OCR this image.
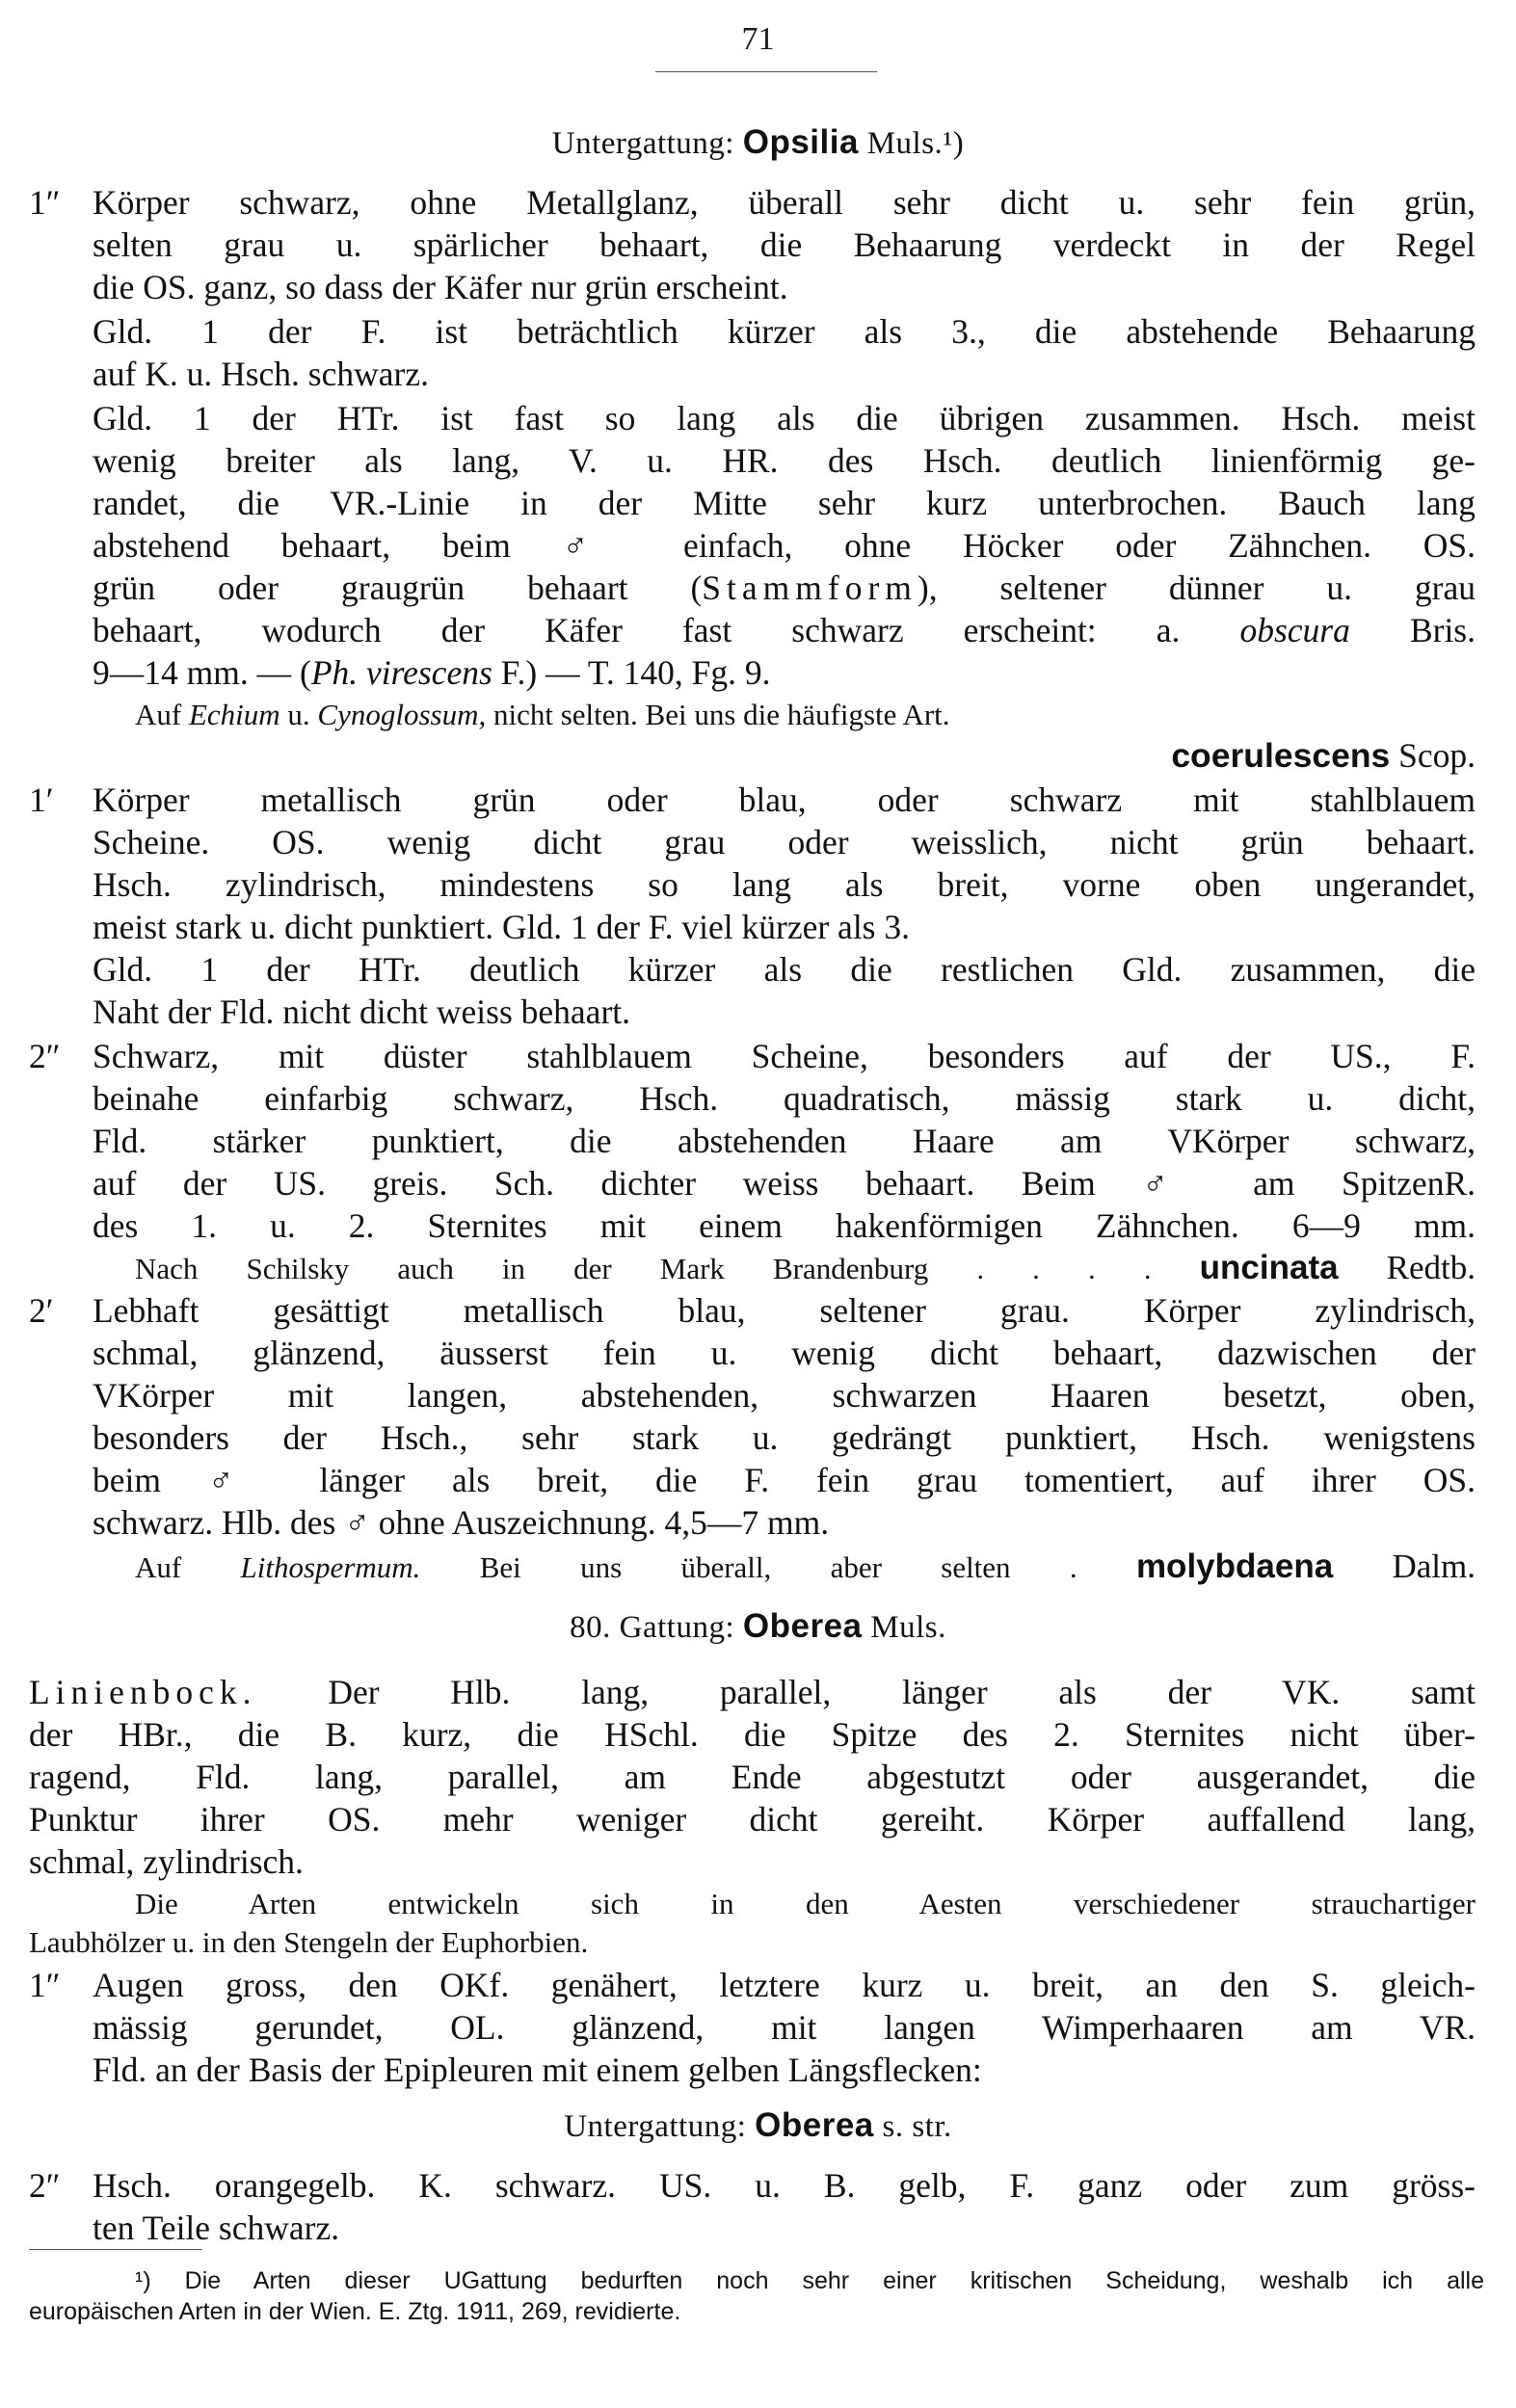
71
Untergattung: Opsilia Muls.¹)
1″ Körper schwarz, ohne Metallglanz, überall sehr dicht u. sehr fein grün,
selten grau u. spärlicher behaart, die Behaarung verdeckt in der Regel
die OS. ganz, so dass der Käfer nur grün erscheint.
Gld. 1 der F. ist beträchtlich kürzer als 3., die abstehende Behaarung
auf K. u. Hsch. schwarz.
Gld. 1 der HTr. ist fast so lang als die übrigen zusammen. Hsch. meist
wenig breiter als lang, V. u. HR. des Hsch. deutlich linienförmig ge-
randet, die VR.-Linie in der Mitte sehr kurz unterbrochen. Bauch lang
abstehend behaart, beim ♂ einfach, ohne Höcker oder Zähnchen. OS.
grün oder graugrün behaart (Stammform), seltener dünner u. grau
behaart, wodurch der Käfer fast schwarz erscheint: a. obscura Bris.
9—14 mm. — (Ph. virescens F.) — T. 140, Fg. 9.
Auf Echium u. Cynoglossum, nicht selten. Bei uns die häufigste Art.
coerulescens Scop.
1′ Körper metallisch grün oder blau, oder schwarz mit stahlblauem
Scheine. OS. wenig dicht grau oder weisslich, nicht grün behaart.
Hsch. zylindrisch, mindestens so lang als breit, vorne oben ungerandet,
meist stark u. dicht punktiert. Gld. 1 der F. viel kürzer als 3.
Gld. 1 der HTr. deutlich kürzer als die restlichen Gld. zusammen, die
Naht der Fld. nicht dicht weiss behaart.
2″ Schwarz, mit düster stahlblauem Scheine, besonders auf der US., F.
beinahe einfarbig schwarz, Hsch. quadratisch, mässig stark u. dicht,
Fld. stärker punktiert, die abstehenden Haare am VKörper schwarz,
auf der US. greis. Sch. dichter weiss behaart. Beim ♂ am SpitzenR.
des 1. u. 2. Sternites mit einem hakenförmigen Zähnchen. 6—9 mm.
Nach Schilsky auch in der Mark Brandenburg . . . . uncinata Redtb.
2′ Lebhaft gesättigt metallisch blau, seltener grau. Körper zylindrisch,
schmal, glänzend, äusserst fein u. wenig dicht behaart, dazwischen der
VKörper mit langen, abstehenden, schwarzen Haaren besetzt, oben,
besonders der Hsch., sehr stark u. gedrängt punktiert, Hsch. wenigstens
beim ♂ länger als breit, die F. fein grau tomentiert, auf ihrer OS.
schwarz. Hlb. des ♂ ohne Auszeichnung. 4,5—7 mm.
Auf Lithospermum. Bei uns überall, aber selten . molybdaena Dalm.
80. Gattung: Oberea Muls.
Linienbock. Der Hlb. lang, parallel, länger als der VK. samt
der HBr., die B. kurz, die HSchl. die Spitze des 2. Sternites nicht über-
ragend, Fld. lang, parallel, am Ende abgestutzt oder ausgerandet, die
Punktur ihrer OS. mehr weniger dicht gereiht. Körper auffallend lang,
schmal, zylindrisch.
Die Arten entwickeln sich in den Aesten verschiedener strauchartiger
Laubhölzer u. in den Stengeln der Euphorbien.
1″ Augen gross, den OKf. genähert, letztere kurz u. breit, an den S. gleich-
mässig gerundet, OL. glänzend, mit langen Wimperhaaren am VR.
Fld. an der Basis der Epipleuren mit einem gelben Längsflecken:
Untergattung: Oberea s. str.
2″ Hsch. orangegelb. K. schwarz. US. u. B. gelb, F. ganz oder zum gröss-
ten Teile schwarz.
¹) Die Arten dieser UGattung bedurften noch sehr einer kritischen Scheidung, weshalb ich alle
europäischen Arten in der Wien. E. Ztg. 1911, 269, revidierte.
